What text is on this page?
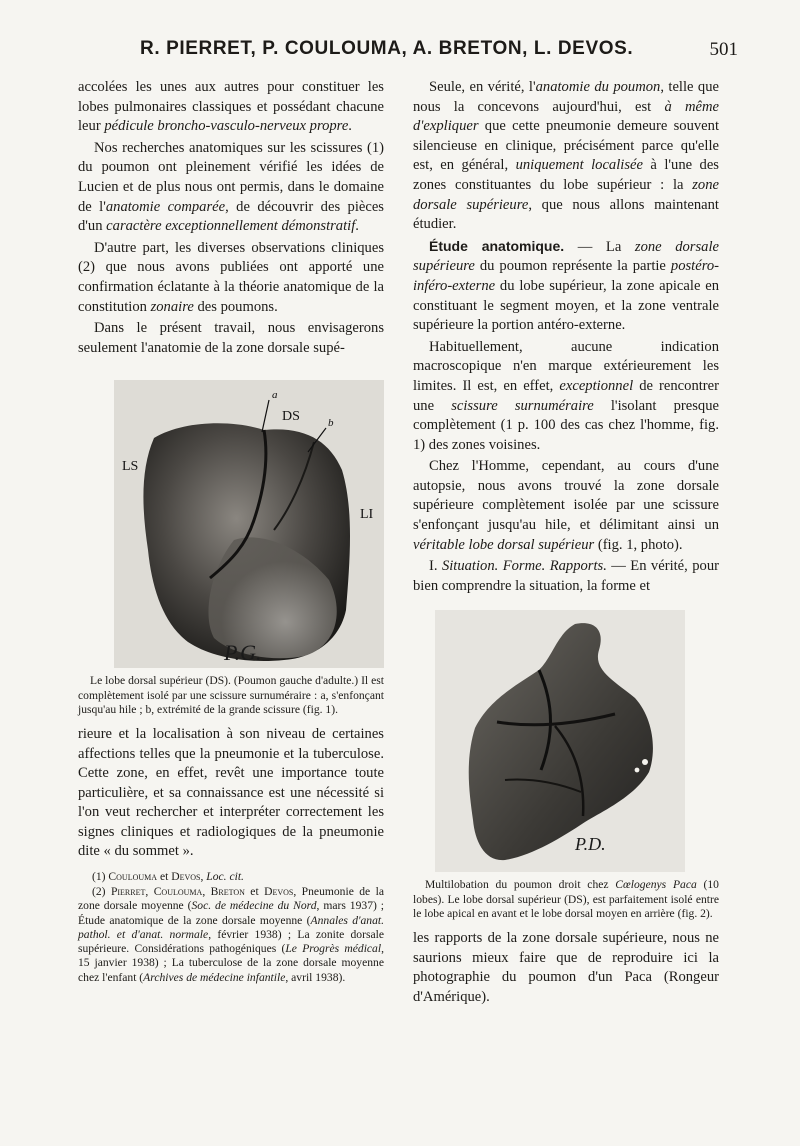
R. PIERRET, P. COULOUMA, A. BRETON, L. DEVOS.	501

accolées les unes aux autres pour constituer les lobes pulmonaires classiques et possédant chacune leur pédicule broncho-vasculo-nerveux propre.

Nos recherches anatomiques sur les scissures (1) du poumon ont pleinement vérifié les idées de Lucien et de plus nous ont permis, dans le domaine de l'anatomie comparée, de découvrir des pièces d'un caractère exceptionnellement démonstratif.

D'autre part, les diverses observations cliniques (2) que nous avons publiées ont apporté une confirmation éclatante à la théorie anatomique de la constitution zonaire des poumons.

Dans le présent travail, nous envisagerons seulement l'anatomie de la zone dorsale supé-

a
b
DS
LS
LI
P.G.

Le lobe dorsal supérieur (DS). (Poumon gauche d'adulte.) Il est complètement isolé par une scissure surnuméraire : a, s'enfonçant jusqu'au hile ; b, extrémité de la grande scissure (fig. 1).

rieure et la localisation à son niveau de certaines affections telles que la pneumonie et la tuberculose. Cette zone, en effet, revêt une importance toute particulière, et sa connaissance est une nécessité si l'on veut rechercher et interpréter correctement les signes cliniques et radiologiques de la pneumonie dite « du sommet ».

(1) Coulouma et Devos, Loc. cit.

(2) Pierret, Coulouma, Breton et Devos, Pneumonie de la zone dorsale moyenne (Soc. de médecine du Nord, mars 1937) ; Étude anatomique de la zone dorsale moyenne (Annales d'anat. pathol. et d'anat. normale, février 1938) ; La zonite dorsale supérieure. Considérations pathogéniques (Le Progrès médical, 15 janvier 1938) ; La tuberculose de la zone dorsale moyenne chez l'enfant (Archives de médecine infantile, avril 1938).

Seule, en vérité, l'anatomie du poumon, telle que nous la concevons aujourd'hui, est à même d'expliquer que cette pneumonie demeure souvent silencieuse en clinique, précisément parce qu'elle est, en général, uniquement localisée à l'une des zones constituantes du lobe supérieur : la zone dorsale supérieure, que nous allons maintenant étudier.

Étude anatomique. — La zone dorsale supérieure du poumon représente la partie postéro-inféro-externe du lobe supérieur, la zone apicale en constituant le segment moyen, et la zone ventrale supérieure la portion antéro-externe.

Habituellement, aucune indication macroscopique n'en marque extérieurement les limites. Il est, en effet, exceptionnel de rencontrer une scissure surnuméraire l'isolant presque complètement (1 p. 100 des cas chez l'homme, fig. 1) des zones voisines.

Chez l'Homme, cependant, au cours d'une autopsie, nous avons trouvé la zone dorsale supérieure complètement isolée par une scissure s'enfonçant jusqu'au hile, et délimitant ainsi un véritable lobe dorsal supérieur (fig. 1, photo).

I. Situation. Forme. Rapports. — En vérité, pour bien comprendre la situation, la forme et

P.D.

Multilobation du poumon droit chez Cœlogenys Paca (10 lobes). Le lobe dorsal supérieur (DS), est parfaitement isolé entre le lobe apical en avant et le lobe dorsal moyen en arrière (fig. 2).

les rapports de la zone dorsale supérieure, nous ne saurions mieux faire que de reproduire ici la photographie du poumon d'un Paca (Rongeur d'Amérique).
